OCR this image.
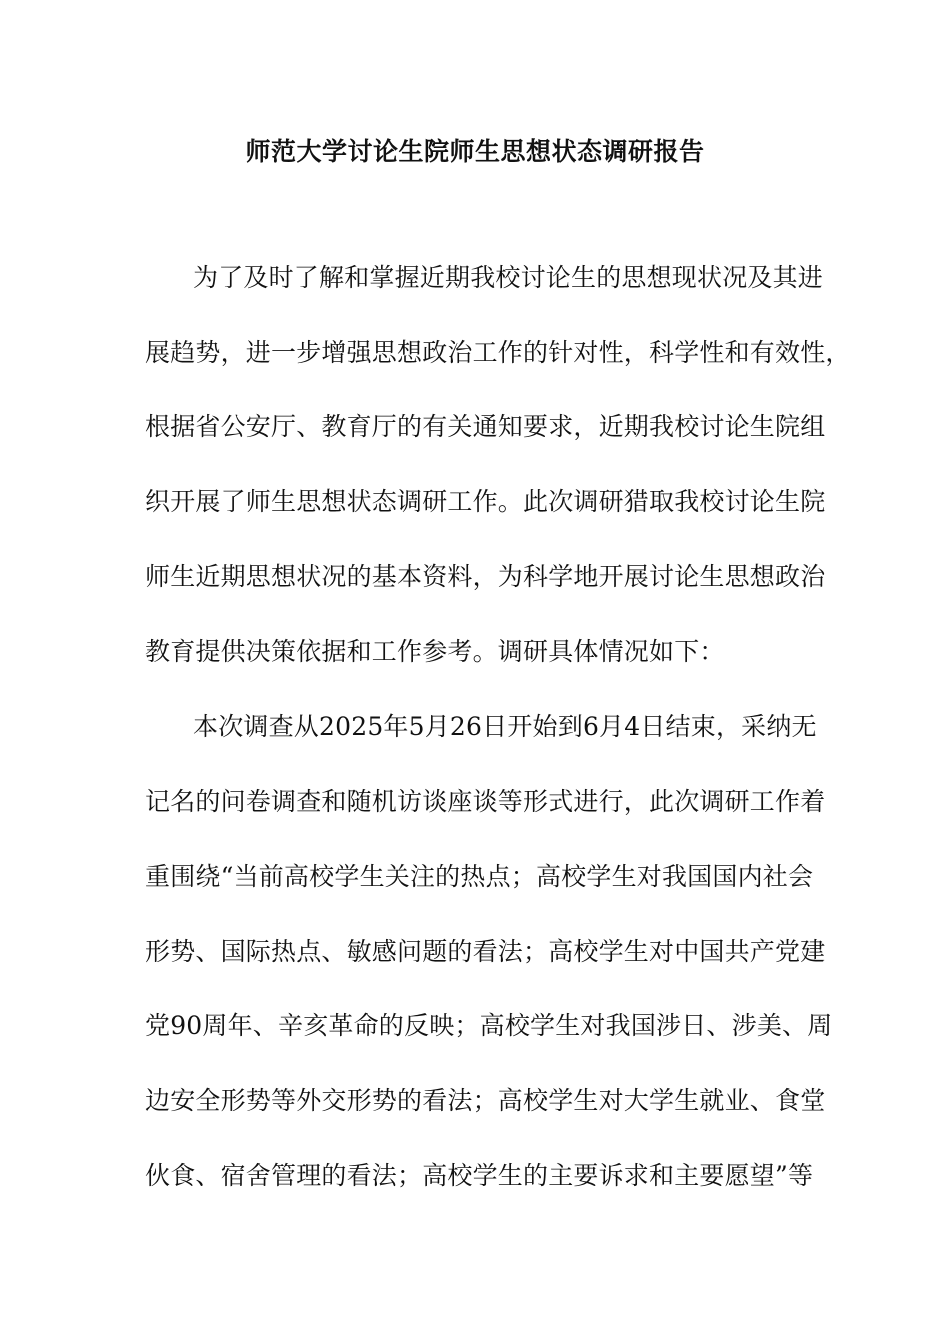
师范大学讨论生院师生思想状态调研报告
为了及时了解和掌握近期我校讨论生的思想现状况及其进
展趋势，进一步增强思想政治工作的针对性，科学性和有效性，
根据省公安厅、教育厅的有关通知要求，近期我校讨论生院组
织开展了师生思想状态调研工作。此次调研猎取我校讨论生院
师生近期思想状况的基本资料，为科学地开展讨论生思想政治
教育提供决策依据和工作参考。调研具体情况如下：
本次调查从2025年5月26日开始到6月4日结束，采纳无
记名的问卷调查和随机访谈座谈等形式进行，此次调研工作着
重围绕“当前高校学生关注的热点；高校学生对我国国内社会
形势、国际热点、敏感问题的看法；高校学生对中国共产党建
党90周年、辛亥革命的反映；高校学生对我国涉日、涉美、周
边安全形势等外交形势的看法；高校学生对大学生就业、食堂
伙食、宿舍管理的看法；高校学生的主要诉求和主要愿望”等
